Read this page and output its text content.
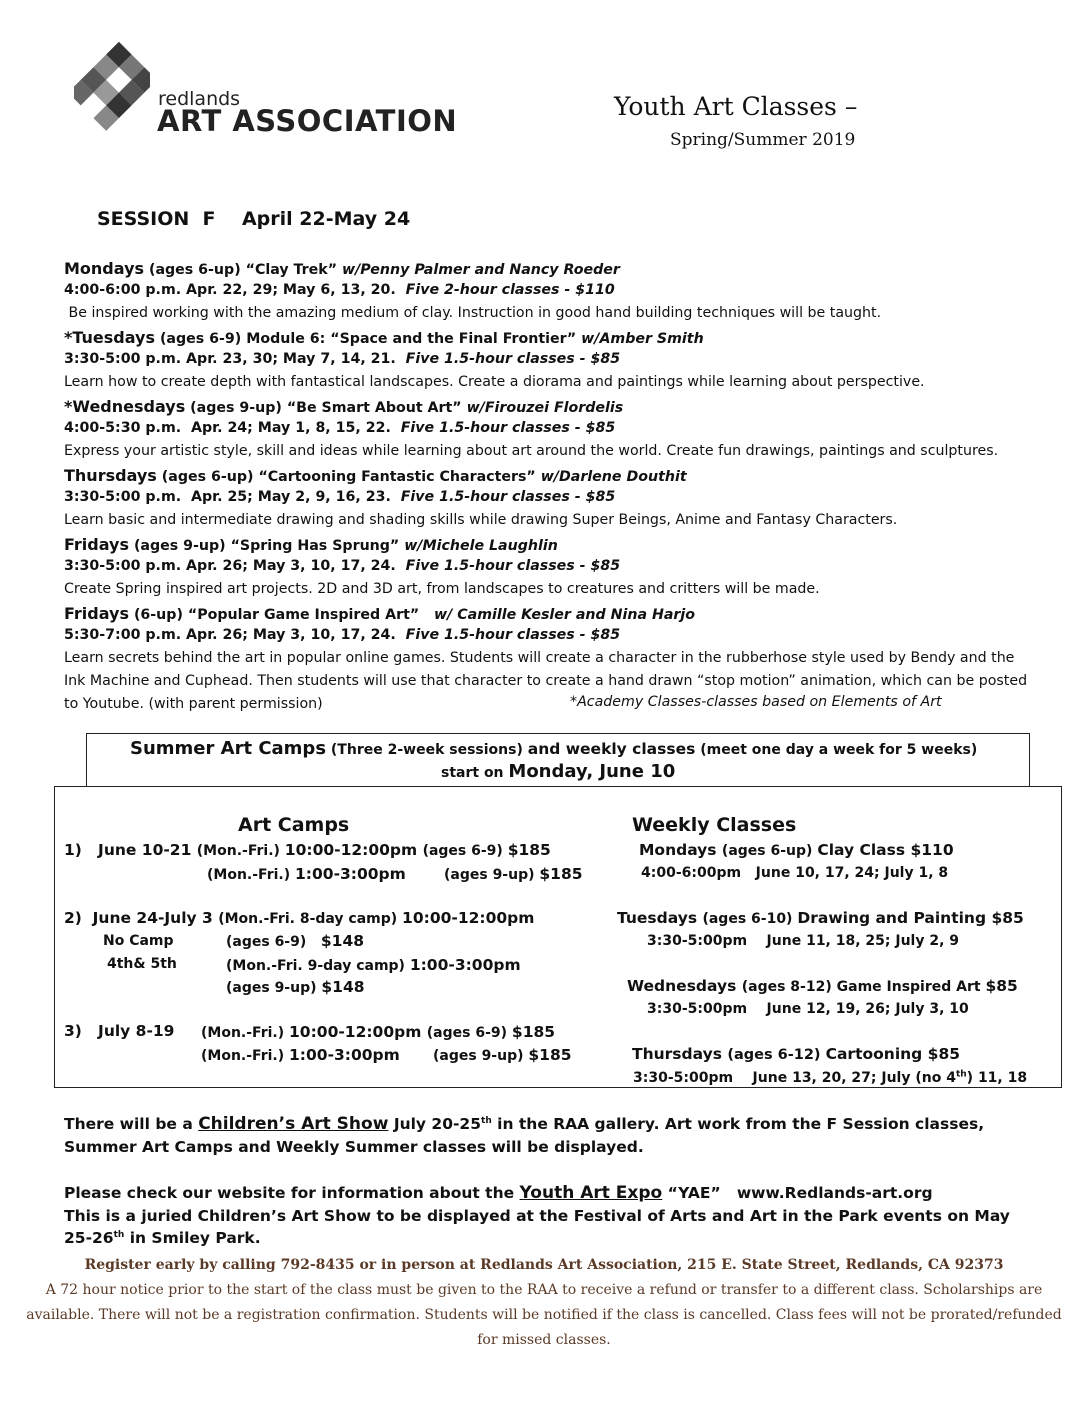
redlands
ART ASSOCIATION	Youth Art Classes –
Spring/Summer 2019
SESSION  F    April 22-May 24
Mondays (ages 6-up) “Clay Trek” w/Penny Palmer and Nancy Roeder
4:00-6:00 p.m. Apr. 22, 29; May 6, 13, 20.  Five 2-hour classes - $110
Be inspired working with the amazing medium of clay. Instruction in good hand building techniques will be taught.
*Tuesdays (ages 6-9) Module 6: “Space and the Final Frontier” w/Amber Smith
3:30-5:00 p.m. Apr. 23, 30; May 7, 14, 21.  Five 1.5-hour classes - $85
Learn how to create depth with fantastical landscapes. Create a diorama and paintings while learning about perspective.
*Wednesdays (ages 9-up) “Be Smart About Art” w/Firouzei Flordelis
4:00-5:30 p.m.  Apr. 24; May 1, 8, 15, 22.  Five 1.5-hour classes - $85
Express your artistic style, skill and ideas while learning about art around the world. Create fun drawings, paintings and sculptures.
Thursdays (ages 6-up) “Cartooning Fantastic Characters” w/Darlene Douthit
3:30-5:00 p.m.  Apr. 25; May 2, 9, 16, 23.  Five 1.5-hour classes - $85
Learn basic and intermediate drawing and shading skills while drawing Super Beings, Anime and Fantasy Characters.
Fridays (ages 9-up) “Spring Has Sprung” w/Michele Laughlin
3:30-5:00 p.m. Apr. 26; May 3, 10, 17, 24.  Five 1.5-hour classes - $85
Create Spring inspired art projects. 2D and 3D art, from landscapes to creatures and critters will be made.
Fridays (6-up) “Popular Game Inspired Art”   w/ Camille Kesler and Nina Harjo
5:30-7:00 p.m. Apr. 26; May 3, 10, 17, 24.  Five 1.5-hour classes - $85
Learn secrets behind the art in popular online games. Students will create a character in the rubberhose style used by Bendy and the
Ink Machine and Cuphead. Then students will use that character to create a hand drawn “stop motion” animation, which can be posted
to Youtube. (with parent permission)	*Academy Classes-classes based on Elements of Art
Summer Art Camps (Three 2-week sessions) and weekly classes (meet one day a week for 5 weeks)
start on Monday, June 10
Art Camps	Weekly Classes
1)   June 10-21 (Mon.-Fri.) 10:00-12:00pm (ages 6-9) $185
(Mon.-Fri.) 1:00-3:00pm	(ages 9-up) $185
2)  June 24-July 3 (Mon.-Fri. 8-day camp) 10:00-12:00pm
No Camp	(ages 6-9)   $148
4th& 5th	(Mon.-Fri. 9-day camp) 1:00-3:00pm
(ages 9-up) $148
3)   July 8-19 (Mon.-Fri.) 10:00-12:00pm (ages 6-9) $185
(Mon.-Fri.) 1:00-3:00pm (ages 9-up) $185
Mondays (ages 6-up) Clay Class $110
4:00-6:00pm   June 10, 17, 24; July 1, 8
Tuesdays (ages 6-10) Drawing and Painting $85
3:30-5:00pm    June 11, 18, 25; July 2, 9
Wednesdays (ages 8-12) Game Inspired Art $85
3:30-5:00pm    June 12, 19, 26; July 3, 10
Thursdays (ages 6-12) Cartooning $85
3:30-5:00pm    June 13, 20, 27; July (no 4th) 11, 18
There will be a Children’s Art Show July 20-25th in the RAA gallery. Art work from the F Session classes,
Summer Art Camps and Weekly Summer classes will be displayed.
Please check our website for information about the Youth Art Expo “YAE”   www.Redlands-art.org
This is a juried Children’s Art Show to be displayed at the Festival of Arts and Art in the Park events on May
25-26th in Smiley Park.
Register early by calling 792-8435 or in person at Redlands Art Association, 215 E. State Street, Redlands, CA 92373
A 72 hour notice prior to the start of the class must be given to the RAA to receive a refund or transfer to a different class. Scholarships are
available. There will not be a registration confirmation. Students will be notified if the class is cancelled. Class fees will not be prorated/refunded
for missed classes.
